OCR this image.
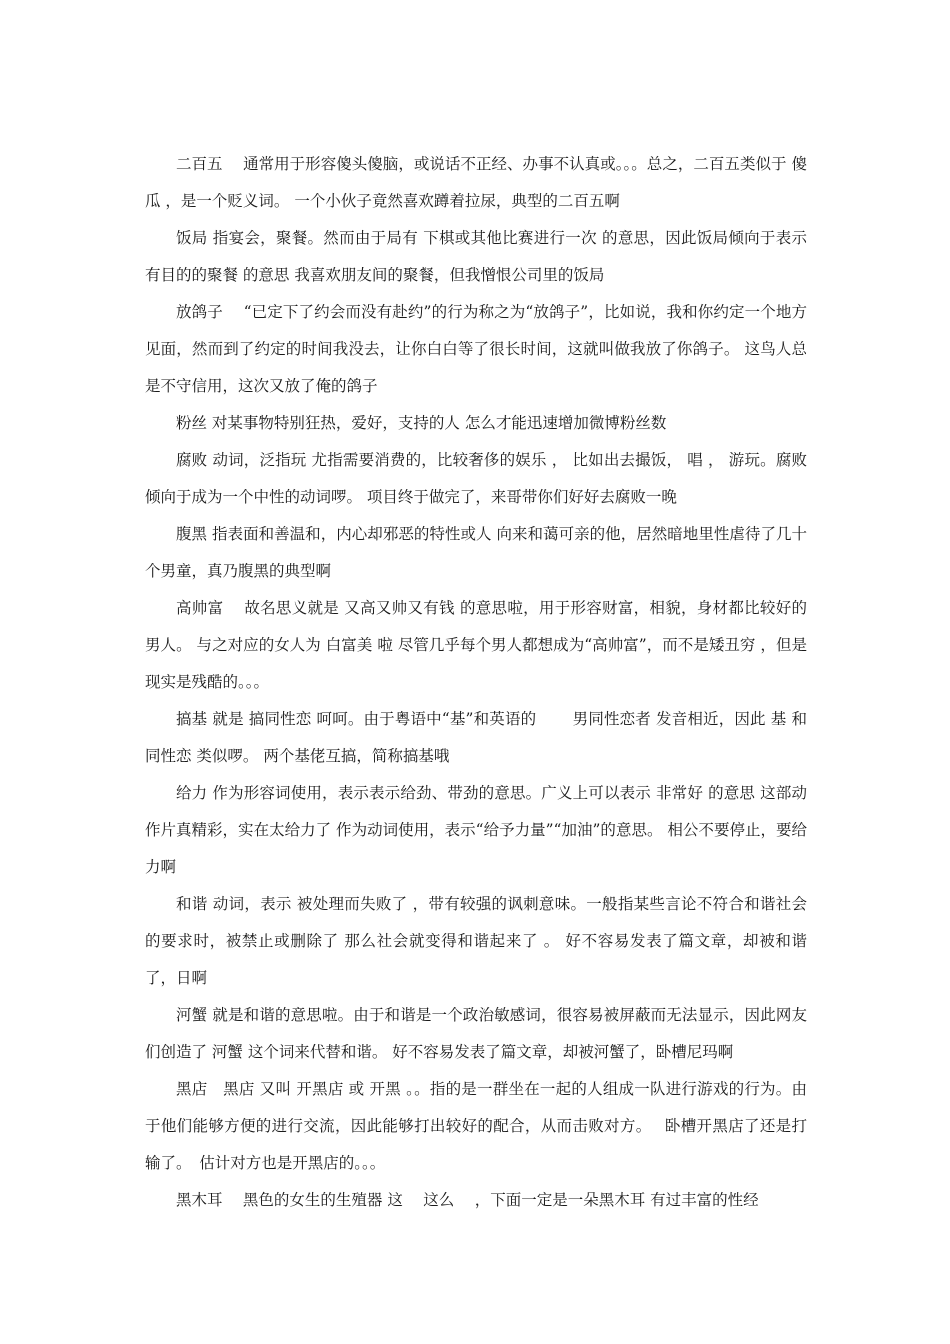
二百五　 通常用于形容傻头傻脑，或说话不正经、办事不认真或。。。总之，二百五类似于 傻瓜 ，是一个贬义词。 一个小伙子竟然喜欢蹲着拉尿，典型的二百五啊

饭局 指宴会，聚餐。然而由于局有 下棋或其他比赛进行一次 的意思，因此饭局倾向于表示 有目的的聚餐 的意思 我喜欢朋友间的聚餐，但我憎恨公司里的饭局

放鸽子　 “已定下了约会而没有赴约”的行为称之为“放鸽子”，比如说，我和你约定一个地方见面，然而到了约定的时间我没去，让你白白等了很长时间，这就叫做我放了你鸽子。 这鸟人总是不守信用，这次又放了俺的鸽子

粉丝 对某事物特别狂热，爱好，支持的人 怎么才能迅速增加微博粉丝数

腐败 动词，泛指玩 尤指需要消费的，比较奢侈的娱乐 ， 比如出去撮饭， 唱 ， 游玩。腐败倾向于成为一个中性的动词啰。 项目终于做完了，来哥带你们好好去腐败一晚

腹黑 指表面和善温和，内心却邪恶的特性或人 向来和蔼可亲的他，居然暗地里性虐待了几十个男童，真乃腹黑的典型啊

高帅富　 故名思义就是 又高又帅又有钱 的意思啦，用于形容财富，相貌，身材都比较好的男人。 与之对应的女人为 白富美 啦 尽管几乎每个男人都想成为“高帅富”，而不是矮丑穷 ，但是现实是残酷的。。。

搞基 就是 搞同性恋 呵呵。由于粤语中“基”和英语的　　 男同性恋者 发音相近，因此 基 和 同性恋 类似啰。 两个基佬互搞，简称搞基哦

给力 作为形容词使用，表示表示给劲、带劲的意思。广义上可以表示 非常好 的意思 这部动作片真精彩，实在太给力了 作为动词使用，表示“给予力量”“加油”的意思。 相公不要停止，要给力啊

和谐 动词，表示 被处理而失败了 ，带有较强的讽刺意味。一般指某些言论不符合和谐社会的要求时，被禁止或删除了 那么社会就变得和谐起来了 。 好不容易发表了篇文章，却被和谐了，日啊

河蟹 就是和谐的意思啦。由于和谐是一个政治敏感词，很容易被屏蔽而无法显示，因此网友们创造了 河蟹 这个词来代替和谐。 好不容易发表了篇文章，却被河蟹了，卧槽尼玛啊

黑店　黑店 又叫 开黑店 或 开黑 。。指的是一群坐在一起的人组成一队进行游戏的行为。由于他们能够方便的进行交流，因此能够打出较好的配合，从而击败对方。　 卧槽开黑店了还是打输了。　估计对方也是开黑店的。。。

黑木耳　 黑色的女生的生殖器 这　 这么　 ，下面一定是一朵黑木耳 有过丰富的性经
